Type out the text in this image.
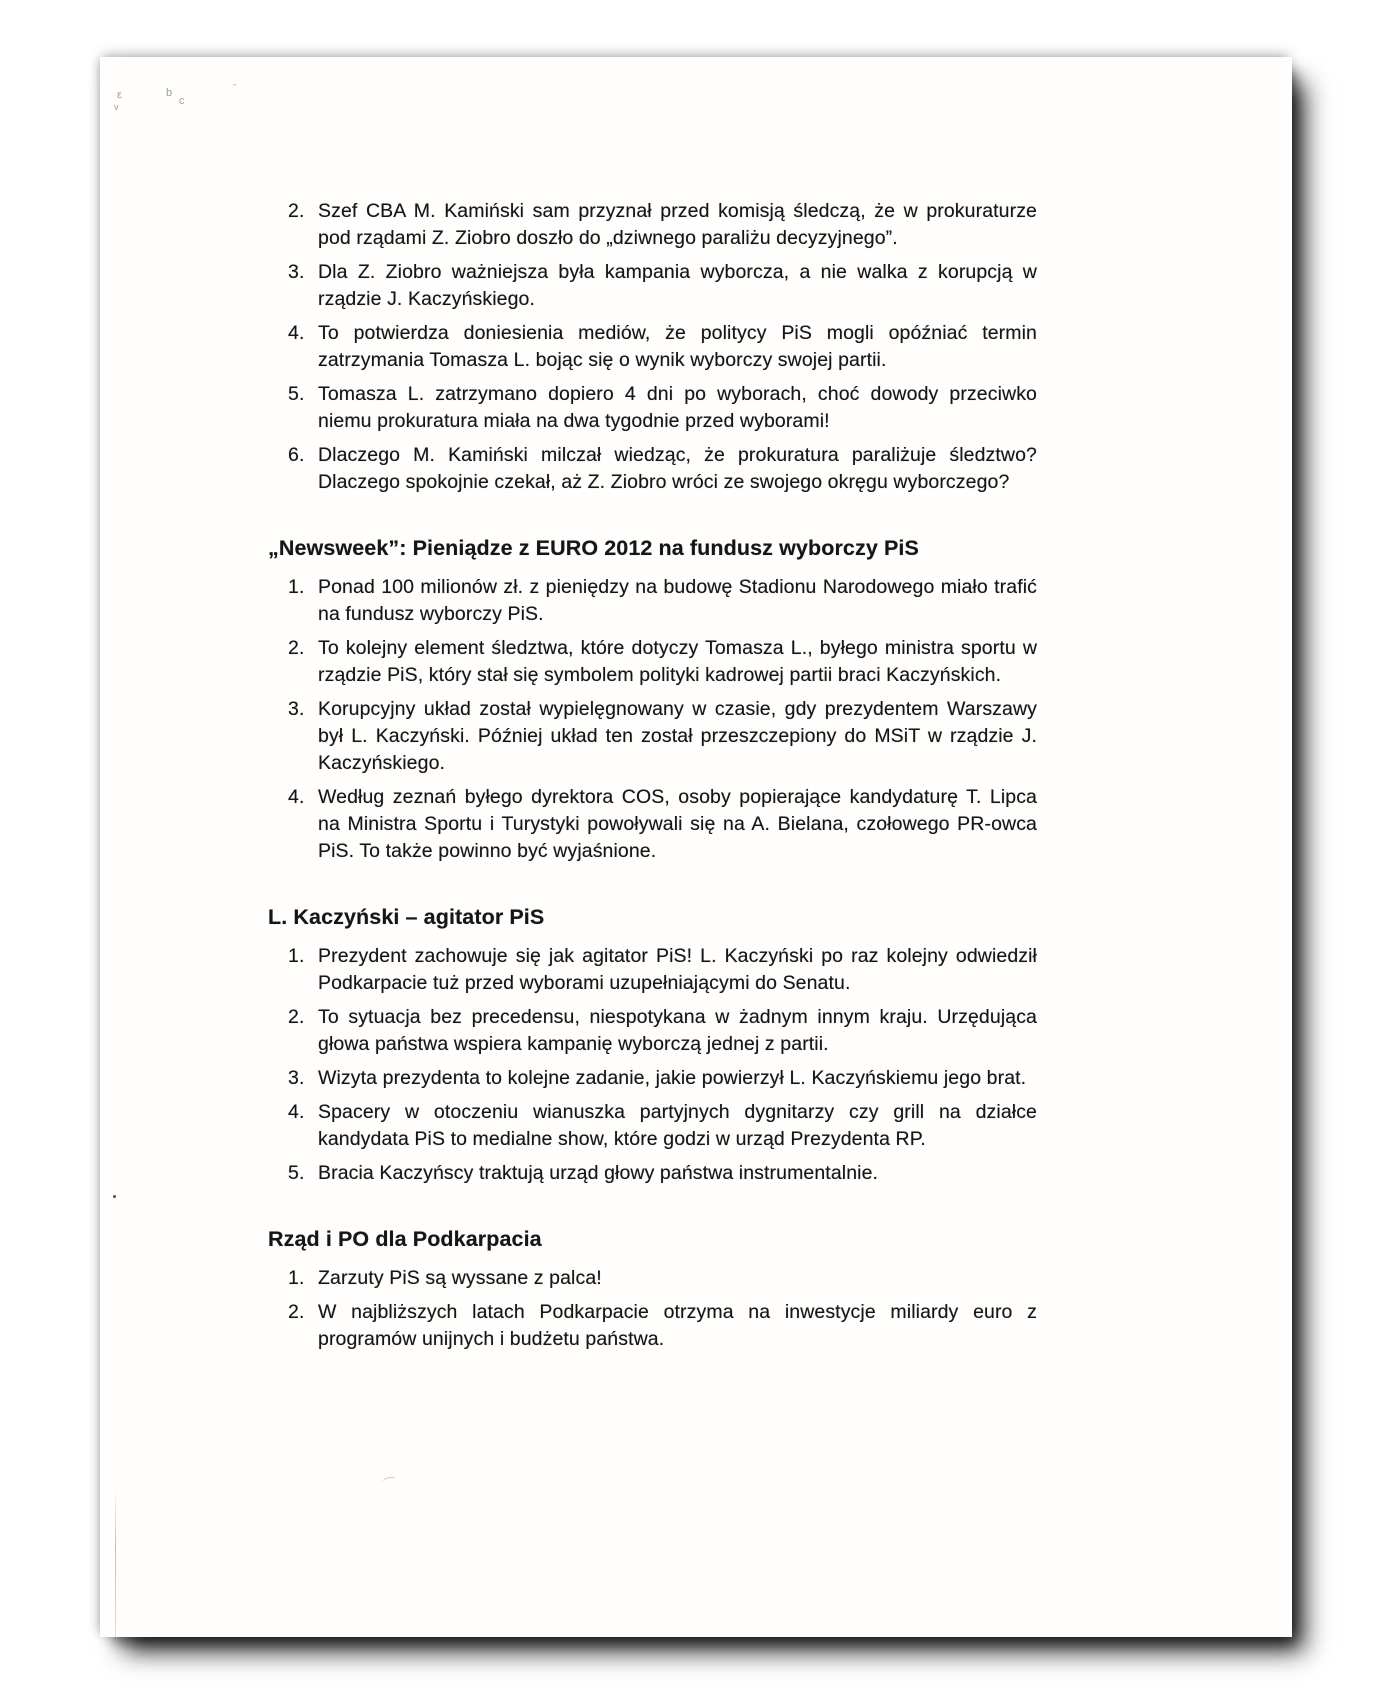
ε
v
b
c
ˉ
⌒
Szef CBA M. Kamiński sam przyznał przed komisją śledczą, że w prokuraturze pod rządami Z. Ziobro doszło do „dziwnego paraliżu decyzyjnego”.
Dla Z. Ziobro ważniejsza była kampania wyborcza, a nie walka z korupcją w rządzie J. Kaczyńskiego.
To potwierdza doniesienia mediów, że politycy PiS mogli opóźniać termin zatrzymania Tomasza L. bojąc się o wynik wyborczy swojej partii.
Tomasza L. zatrzymano dopiero 4 dni po wyborach, choć dowody przeciwko niemu prokuratura miała na dwa tygodnie przed wyborami!
Dlaczego M. Kamiński milczał wiedząc, że prokuratura paraliżuje śledztwo? Dlaczego spokojnie czekał, aż Z. Ziobro wróci ze swojego okręgu wyborczego?
„Newsweek”: Pieniądze z EURO 2012 na fundusz wyborczy PiS
Ponad 100 milionów zł. z pieniędzy na budowę Stadionu Narodowego miało trafić na fundusz wyborczy PiS.
To kolejny element śledztwa, które dotyczy Tomasza L., byłego ministra sportu w rządzie PiS, który stał się symbolem polityki kadrowej partii braci Kaczyńskich.
Korupcyjny układ został wypielęgnowany w czasie, gdy prezydentem Warszawy był L. Kaczyński. Później układ ten został przeszczepiony do MSiT w rządzie J. Kaczyńskiego.
Według zeznań byłego dyrektora COS, osoby popierające kandydaturę T. Lipca na Ministra Sportu i Turystyki powoływali się na A. Bielana, czołowego PR-owca PiS. To także powinno być wyjaśnione.
L. Kaczyński – agitator PiS
Prezydent zachowuje się jak agitator PiS! L. Kaczyński po raz kolejny odwiedził Podkarpacie tuż przed wyborami uzupełniającymi do Senatu.
To sytuacja bez precedensu, niespotykana w żadnym innym kraju. Urzędująca głowa państwa wspiera kampanię wyborczą jednej z partii.
Wizyta prezydenta to kolejne zadanie, jakie powierzył L. Kaczyńskiemu jego brat.
Spacery w otoczeniu wianuszka partyjnych dygnitarzy czy grill na działce kandydata PiS to medialne show, które godzi w urząd Prezydenta RP.
Bracia Kaczyńscy traktują urząd głowy państwa instrumentalnie.
Rząd i PO dla Podkarpacia
Zarzuty PiS są wyssane z palca!
W najbliższych latach Podkarpacie otrzyma na inwestycje miliardy euro z programów unijnych i budżetu państwa.
